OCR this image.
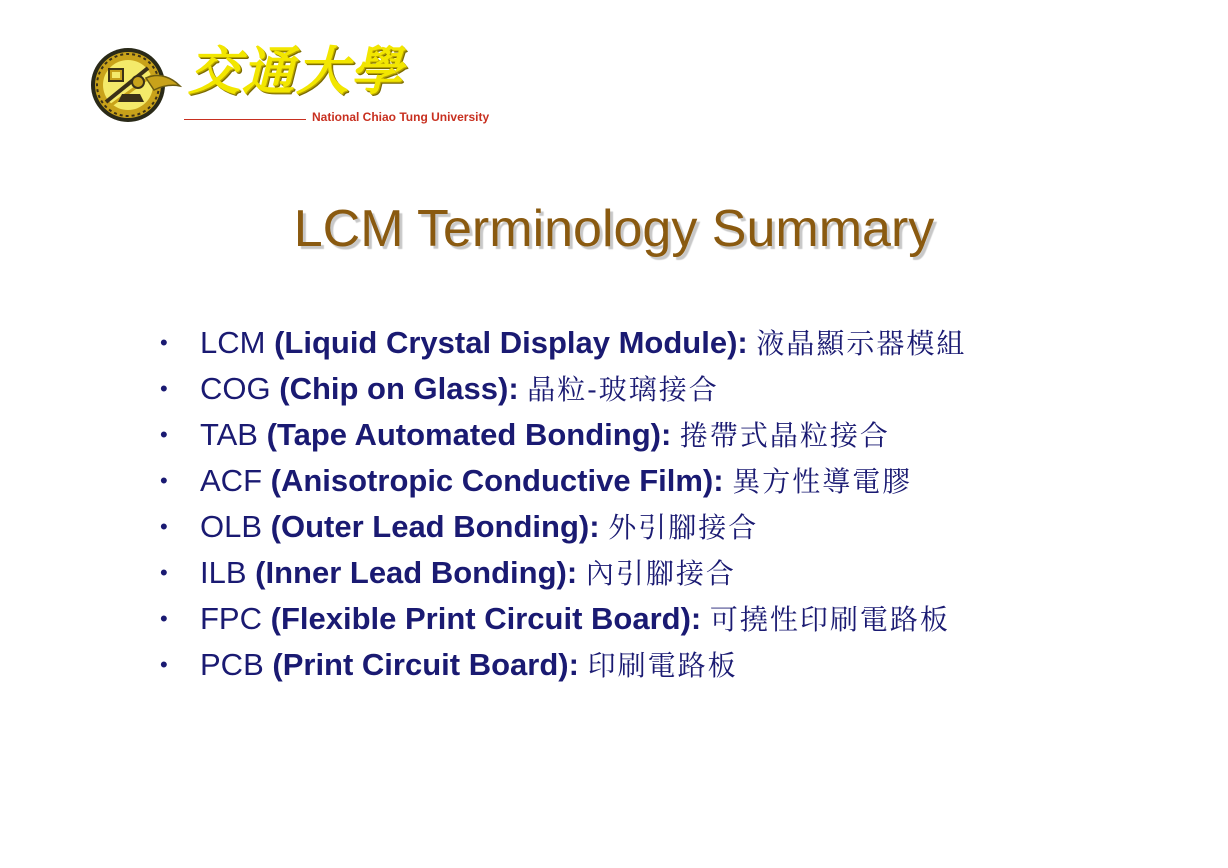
交通大學
National Chiao Tung University
LCM Terminology Summary
•	LCM (Liquid Crystal Display Module): 液晶顯示器模組
•	COG (Chip on Glass): 晶粒-玻璃接合
•	TAB (Tape Automated Bonding): 捲帶式晶粒接合
•	ACF (Anisotropic Conductive Film): 異方性導電膠
•	OLB (Outer Lead Bonding): 外引腳接合
•	ILB (Inner Lead Bonding): 內引腳接合
•	FPC (Flexible Print Circuit Board): 可撓性印刷電路板
•	PCB (Print Circuit Board): 印刷電路板
